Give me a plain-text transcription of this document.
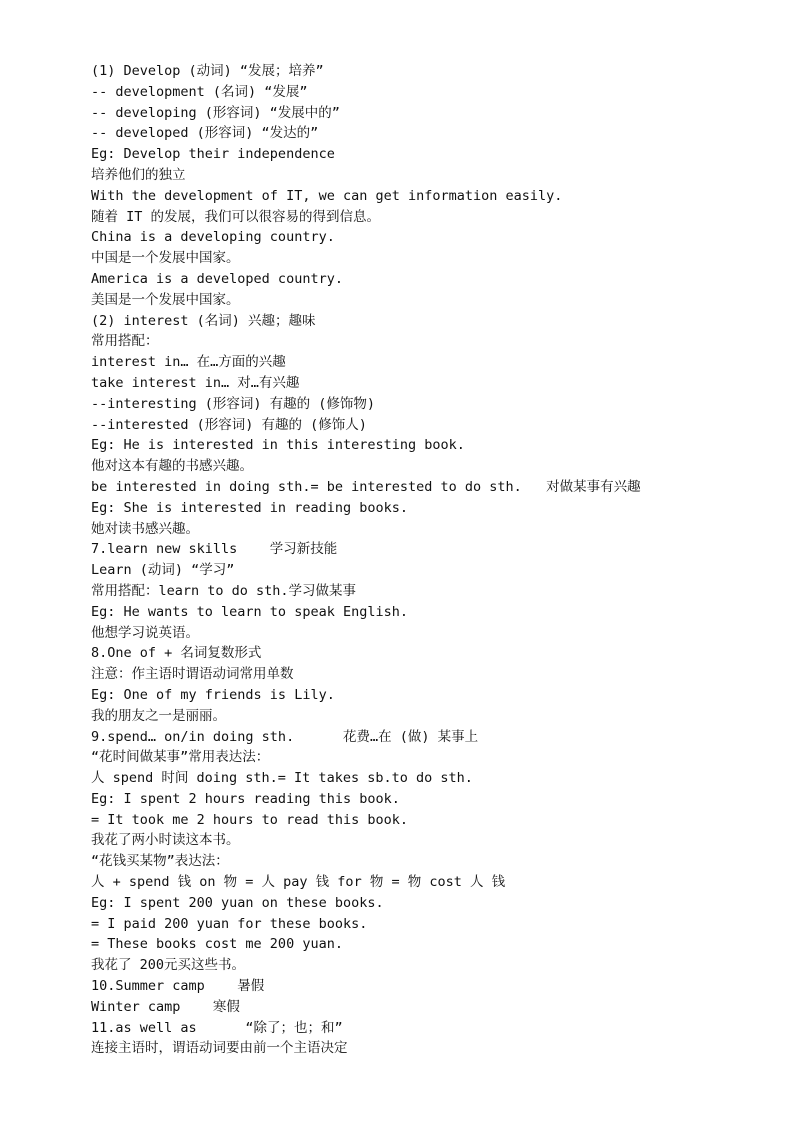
(1) Develop (动词) “发展；培养”
-- development (名词) “发展”
-- developing (形容词) “发展中的”
-- developed (形容词) “发达的”
Eg: Develop their independence
培养他们的独立
With the development of IT, we can get information easily.
随着 IT 的发展，我们可以很容易的得到信息。
China is a developing country.
中国是一个发展中国家。
America is a developed country.
美国是一个发展中国家。
(2) interest (名词) 兴趣；趣味
常用搭配：
interest in… 在…方面的兴趣
take interest in… 对…有兴趣
--interesting (形容词) 有趣的 (修饰物)
--interested (形容词) 有趣的 (修饰人)
Eg: He is interested in this interesting book.
他对这本有趣的书感兴趣。
be interested in doing sth.= be interested to do sth.   对做某事有兴趣
Eg: She is interested in reading books.
她对读书感兴趣。
7.learn new skills    学习新技能
Learn (动词) “学习”
常用搭配：learn to do sth.学习做某事
Eg: He wants to learn to speak English.
他想学习说英语。
8.One of + 名词复数形式
注意：作主语时谓语动词常用单数
Eg: One of my friends is Lily.
我的朋友之一是丽丽。
9.spend… on/in doing sth.      花费…在 (做) 某事上
“花时间做某事”常用表达法：
人 spend 时间 doing sth.= It takes sb.to do sth.
Eg: I spent 2 hours reading this book.
= It took me 2 hours to read this book.
我花了两小时读这本书。
“花钱买某物”表达法：
人 + spend 钱 on 物 = 人 pay 钱 for 物 = 物 cost 人 钱
Eg: I spent 200 yuan on these books.
= I paid 200 yuan for these books.
= These books cost me 200 yuan.
我花了 200元买这些书。
10.Summer camp    暑假
Winter camp    寒假
11.as well as      “除了；也；和”
连接主语时，谓语动词要由前一个主语决定
